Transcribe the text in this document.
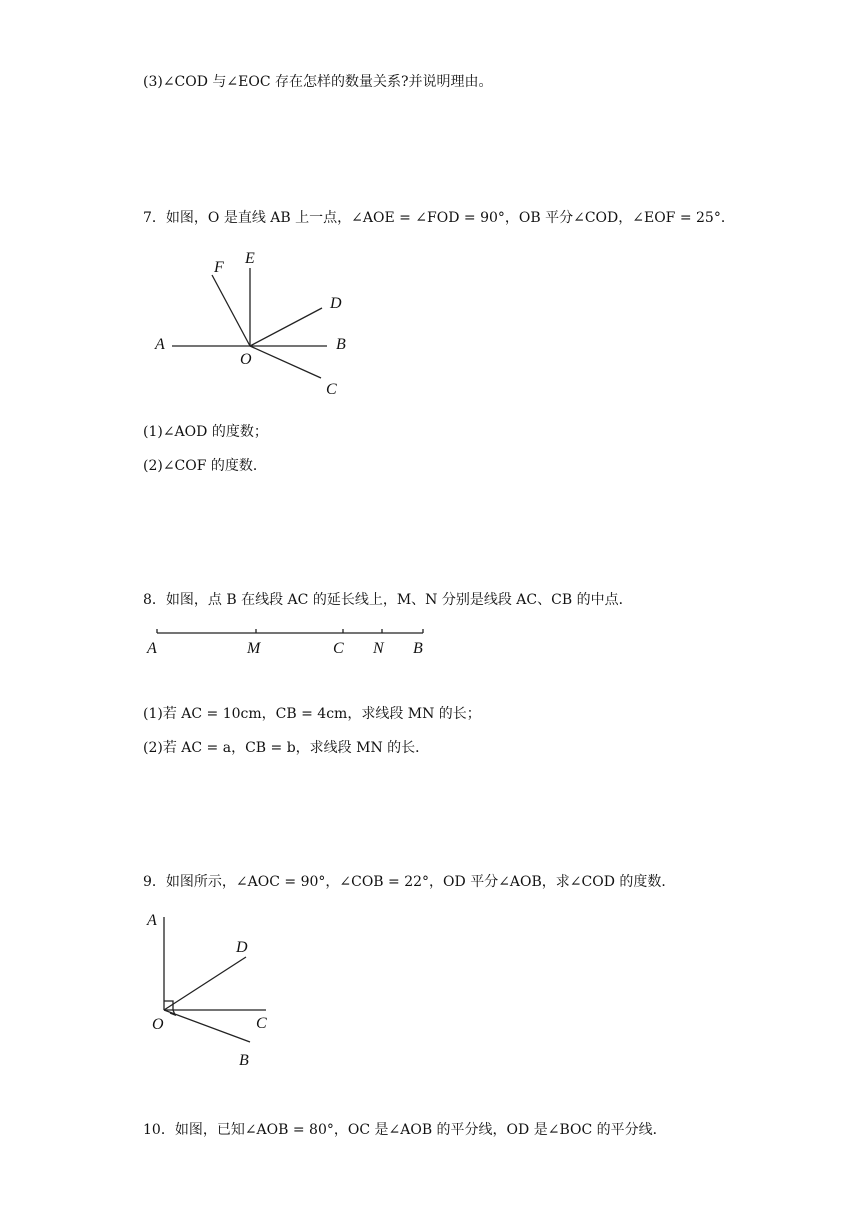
(3)∠COD 与∠EOC 存在怎样的数量关系?并说明理由。
7．如图，O 是直线 AB 上一点，∠AOE = ∠FOD = 90°，OB 平分∠COD，∠EOF = 25°．
A	B
C
D
E
F
O
(1)∠AOD 的度数；
(2)∠COF 的度数．
8．如图，点 B 在线段 AC 的延长线上，M、N 分别是线段 AC、CB 的中点．
A	M	C N B
(1)若 AC = 10cm，CB = 4cm，求线段 MN 的长；
(2)若 AC = a，CB = b，求线段 MN 的长．
9．如图所示，∠AOC = 90°，∠COB = 22°，OD 平分∠AOB，求∠COD 的度数．
A
D
O	C
B
10．如图，已知∠AOB = 80°，OC 是∠AOB 的平分线，OD 是∠BOC 的平分线．
